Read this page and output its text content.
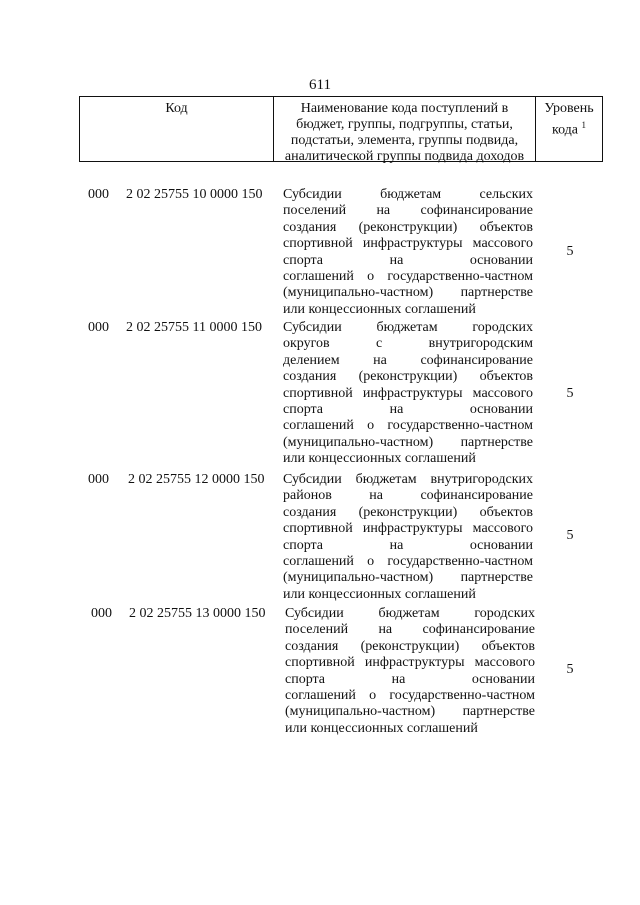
611
Код	Наименование кода поступлений в
бюджет, группы, подгруппы, статьи,
подстатьи, элемента, группы подвида,
аналитической группы подвида доходов
Уровень
кода $^1$
000 2 02 25755 10 0000 150 Субсидии бюджетам сельских
поселений на софинансирование
создания (реконструкции) объектов
спортивной инфраструктуры массового
спорта на основании
соглашений о государственно-частном
(муниципально-частном) партнерстве
или концессионных соглашений
5
000 2 02 25755 11 0000 150 Субсидии бюджетам городских
округов с внутригородским
делением на софинансирование
создания (реконструкции) объектов
спортивной инфраструктуры массового
спорта на основании
соглашений о государственно-частном
(муниципально-частном) партнерстве
или концессионных соглашений
5
000 2 02 25755 12 0000 150 Субсидии бюджетам внутригородских
районов на софинансирование
создания (реконструкции) объектов
спортивной инфраструктуры массового
спорта на основании
соглашений о государственно-частном
(муниципально-частном) партнерстве
или концессионных соглашений
5
000 2 02 25755 13 0000 150 Субсидии бюджетам городских
поселений на софинансирование
создания (реконструкции) объектов
спортивной инфраструктуры массового
спорта на основании
соглашений о государственно-частном
(муниципально-частном) партнерстве
или концессионных соглашений
5
